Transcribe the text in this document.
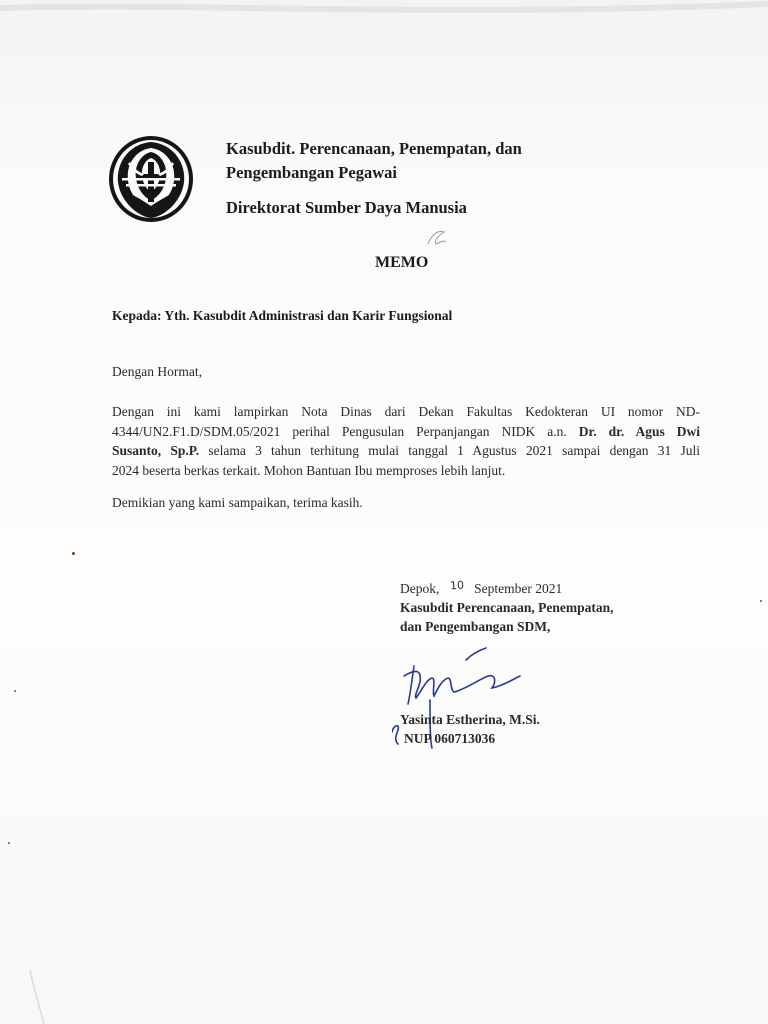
Kasubdit. Perencanaan, Penempatan, dan
Pengembangan Pegawai
Direktorat Sumber Daya Manusia
MEMO
Kepada: Yth. Kasubdit Administrasi dan Karir Fungsional
Dengan Hormat,
Dengan ini kami lampirkan Nota Dinas dari Dekan Fakultas Kedokteran UI nomor ND-
4344/UN2.F1.D/SDM.05/2021 perihal Pengusulan Perpanjangan NIDK a.n. Dr. dr. Agus Dwi
Susanto, Sp.P. selama 3 tahun terhitung mulai tanggal 1 Agustus 2021 sampai dengan 31 Juli
2024 beserta berkas terkait. Mohon Bantuan Ibu memproses lebih lanjut.
Demikian yang kami sampaikan, terima kasih.
Depok, 10 September 2021
Kasubdit Perencanaan, Penempatan,
dan Pengembangan SDM,
Yasinta Estherina, M.Si.
NUP 060713036
